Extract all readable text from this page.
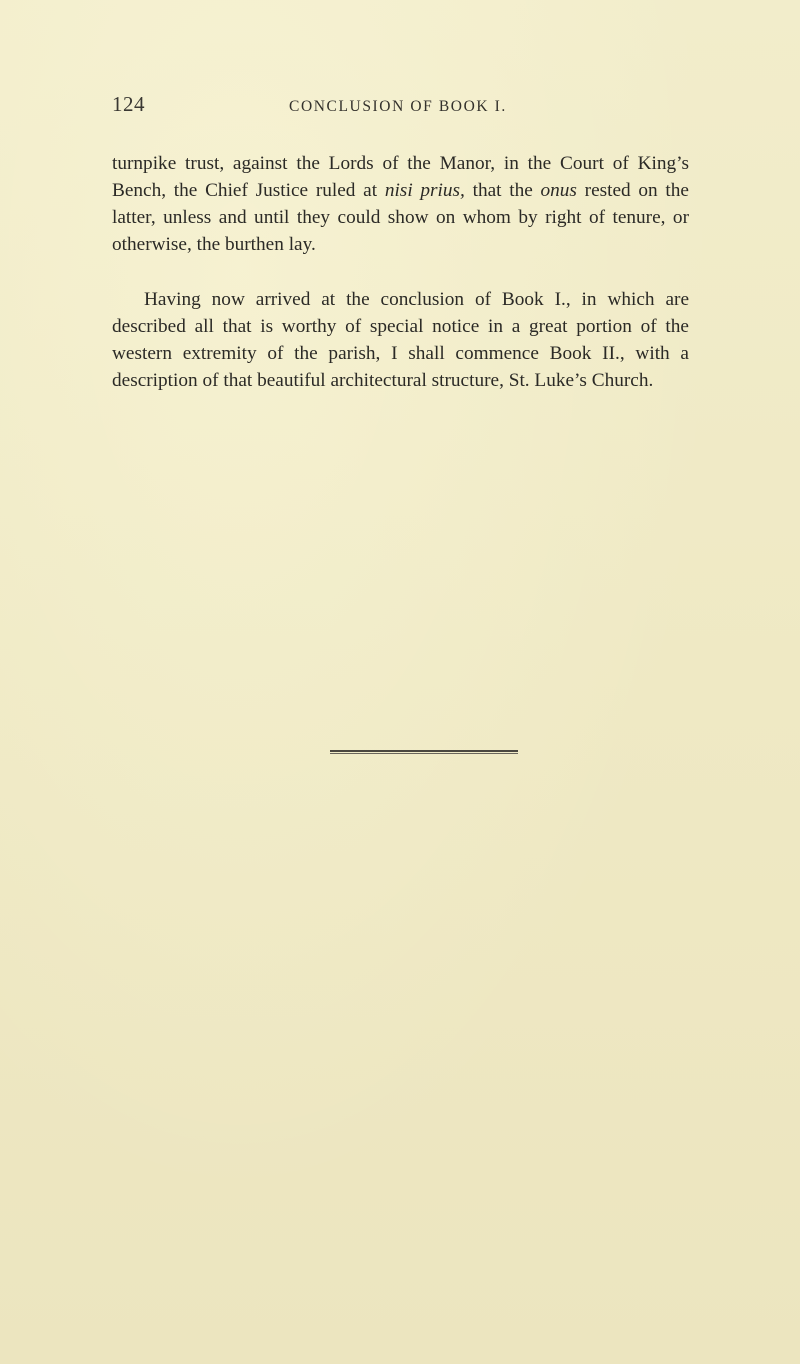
124	CONCLUSION OF BOOK I.

turnpike trust, against the Lords of the Manor, in the Court of King’s Bench, the Chief Justice ruled at nisi prius, that the onus rested on the latter, unless and until they could show on whom by right of tenure, or otherwise, the burthen lay.

Having now arrived at the conclusion of Book I., in which are described all that is worthy of special notice in a great portion of the western extremity of the parish, I shall commence Book II., with a description of that beautiful architectural structure, St. Luke’s Church.
